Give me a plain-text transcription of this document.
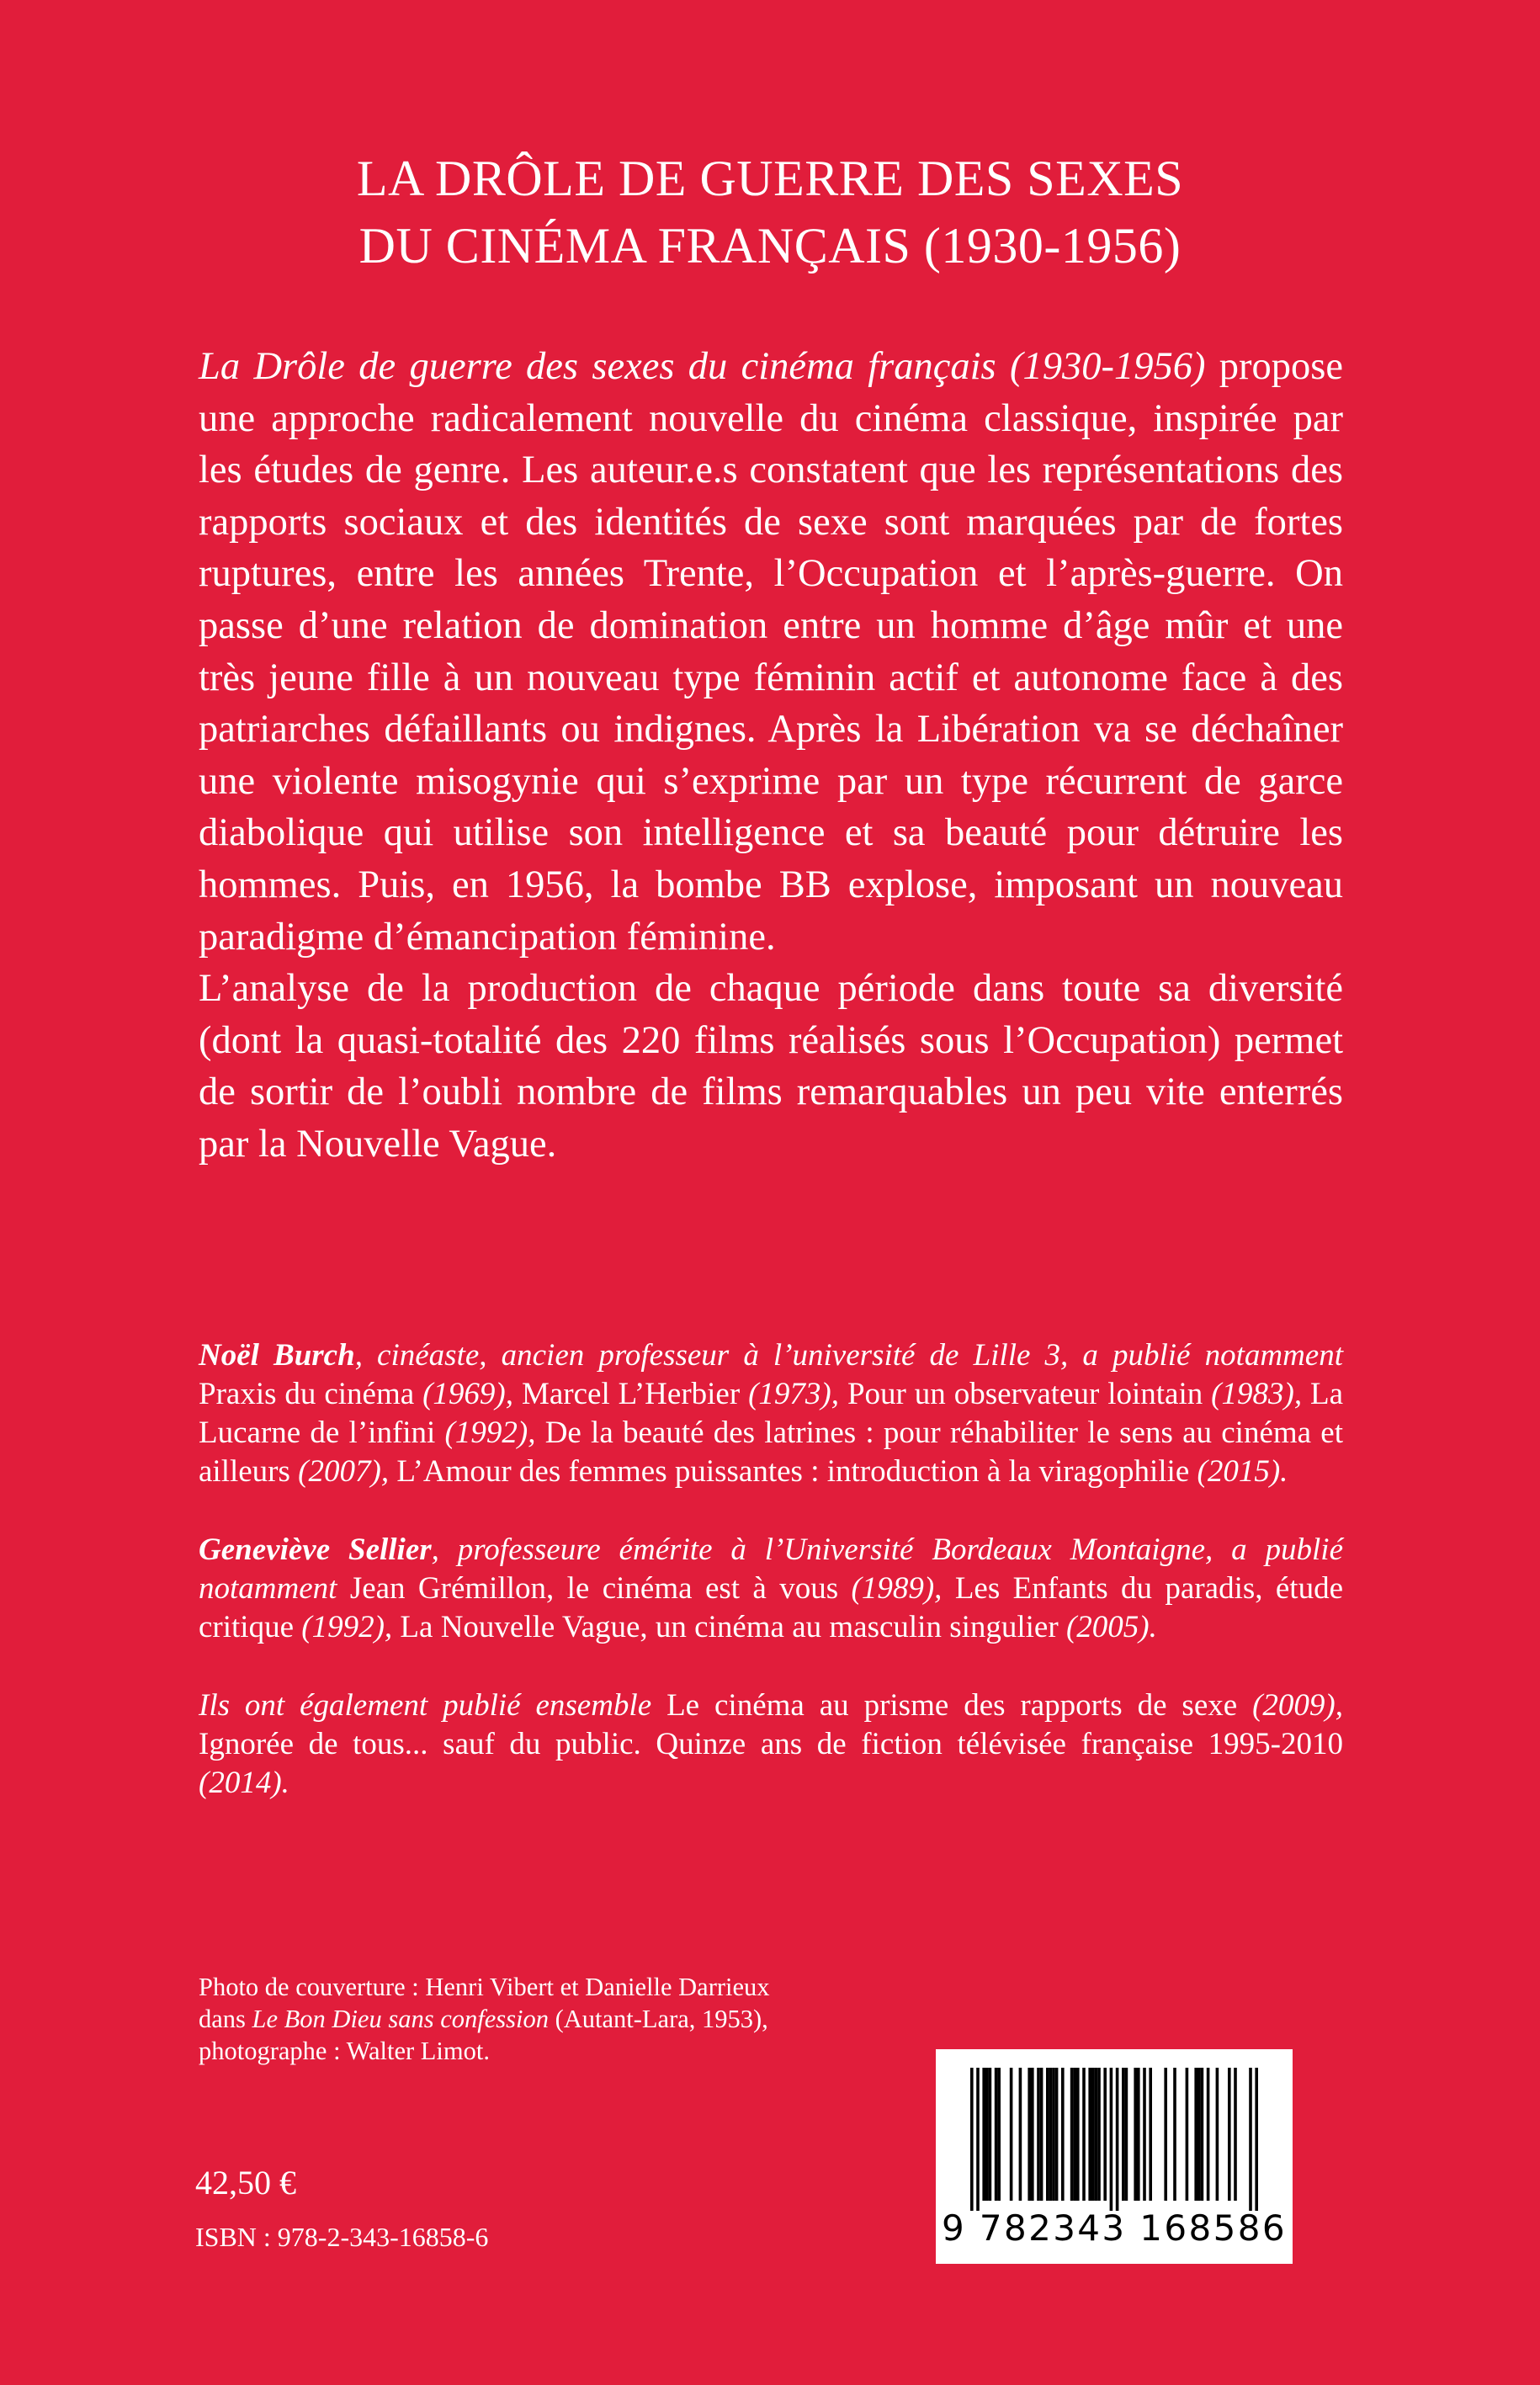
LA DRÔLE DE GUERRE DES SEXES
DU CINÉMA FRANÇAIS (1930-1956)

La Drôle de guerre des sexes du cinéma français (1930-1956) propose une approche radicalement nouvelle du cinéma classique, inspirée par les études de genre. Les auteur.e.s constatent que les représentations des rapports sociaux et des identités de sexe sont marquées par de fortes ruptures, entre les années Trente, l’Occupation et l’après-guerre. On passe d’une relation de domination entre un homme d’âge mûr et une très jeune fille à un nouveau type féminin actif et autonome face à des patriarches défaillants ou indignes. Après la Libération va se déchaîner une violente misogynie qui s’exprime par un type récurrent de garce diabolique qui utilise son intelligence et sa beauté pour détruire les hommes. Puis, en 1956, la bombe BB explose, imposant un nouveau paradigme d’émancipation féminine.

L’analyse de la production de chaque période dans toute sa diversité (dont la quasi-totalité des 220 films réalisés sous l’Occupation) permet de sortir de l’oubli nombre de films remarquables un peu vite enterrés par la Nouvelle Vague.

Noël Burch, cinéaste, ancien professeur à l’université de Lille 3, a publié notamment Praxis du cinéma (1969), Marcel L’Herbier (1973), Pour un observateur lointain (1983), La Lucarne de l’infini (1992), De la beauté des latrines : pour réhabiliter le sens au cinéma et ailleurs (2007), L’Amour des femmes puissantes : introduction à la viragophilie (2015).

Geneviève Sellier, professeure émérite à l’Université Bordeaux Montaigne, a publié notamment Jean Grémillon, le cinéma est à vous (1989), Les Enfants du paradis, étude critique (1992), La Nouvelle Vague, un cinéma au masculin singulier (2005).

Ils ont également publié ensemble Le cinéma au prisme des rapports de sexe (2009), Ignorée de tous... sauf du public. Quinze ans de fiction télévisée française 1995-2010 (2014).

Photo de couverture : Henri Vibert et Danielle Darrieux
dans Le Bon Dieu sans confession (Autant-Lara, 1953),
photographe : Walter Limot.
42,50 €
ISBN : 978-2-343-16858-6	9 782343 168586
